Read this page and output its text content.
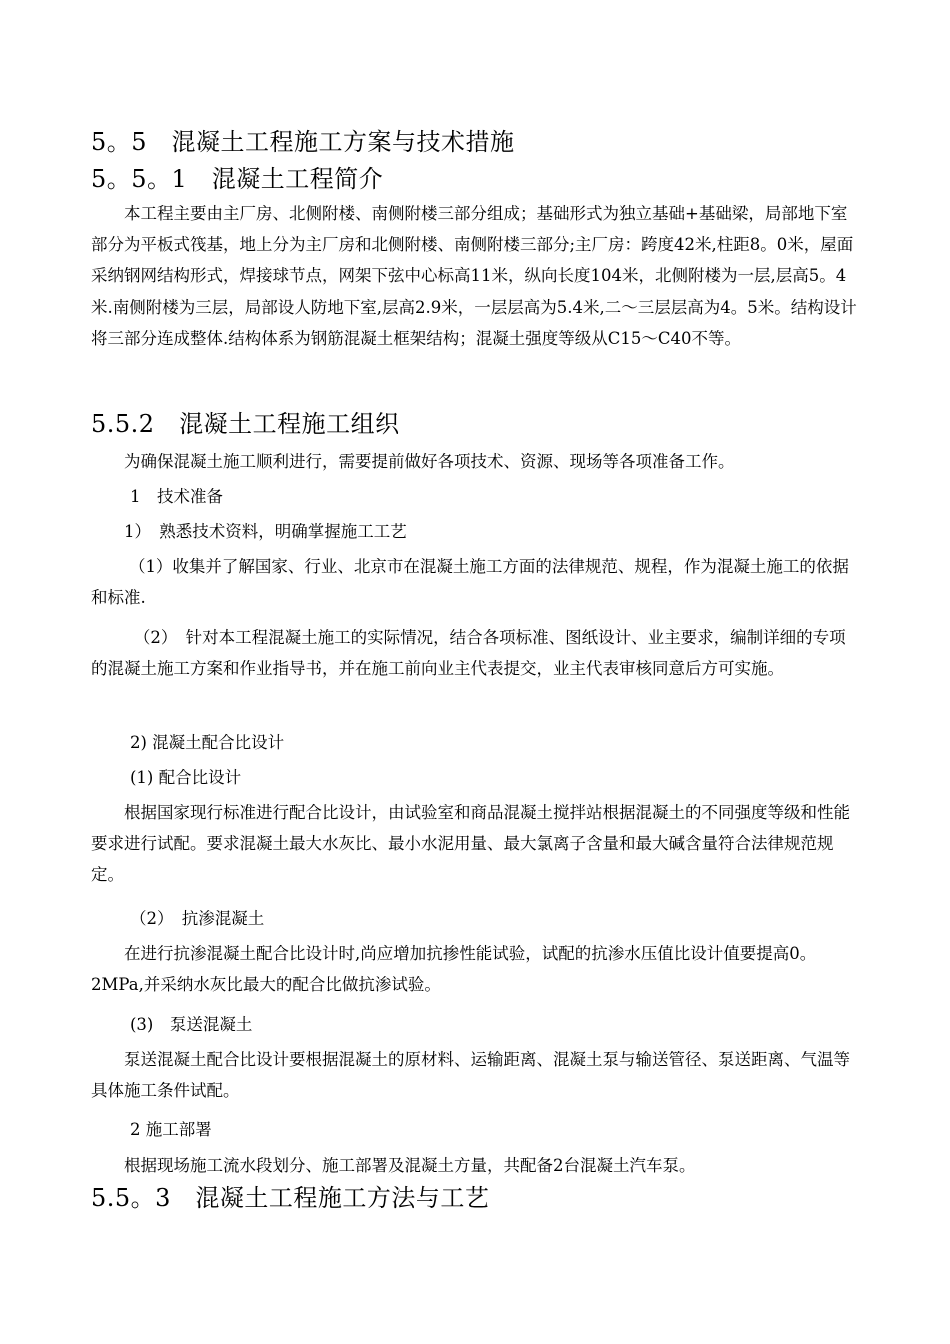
5。5　混凝土工程施工方案与技术措施
5。5。1　混凝土工程简介
本工程主要由主厂房、北侧附楼、南侧附楼三部分组成；基础形式为独立基础+基础梁，局部地下室部分为平板式筏基，地上分为主厂房和北侧附楼、南侧附楼三部分;主厂房：跨度42米,柱距8。0米，屋面采纳钢网结构形式，焊接球节点，网架下弦中心标高11米，纵向长度104米，北侧附楼为一层,层高5。4米.南侧附楼为三层，局部设人防地下室,层高2.9米，一层层高为5.4米,二～三层层高为4。5米。结构设计将三部分连成整体.结构体系为钢筋混凝土框架结构；混凝土强度等级从C15～C40不等。
5.5.2　混凝土工程施工组织
为确保混凝土施工顺利进行，需要提前做好各项技术、资源、现场等各项准备工作。
1　技术准备
1）　熟悉技术资料，明确掌握施工工艺
（1）收集并了解国家、行业、北京市在混凝土施工方面的法律规范、规程，作为混凝土施工的依据和标准.
（2）　针对本工程混凝土施工的实际情况，结合各项标准、图纸设计、业主要求，编制详细的专项的混凝土施工方案和作业指导书，并在施工前向业主代表提交，业主代表审核同意后方可实施。
2) 混凝土配合比设计
(1) 配合比设计
根据国家现行标准进行配合比设计，由试验室和商品混凝土搅拌站根据混凝土的不同强度等级和性能要求进行试配。要求混凝土最大水灰比、最小水泥用量、最大氯离子含量和最大碱含量符合法律规范规定。
（2）　抗渗混凝土
在进行抗渗混凝土配合比设计时,尚应增加抗掺性能试验，试配的抗渗水压值比设计值要提高0。2MPa,并采纳水灰比最大的配合比做抗渗试验。
(3)　泵送混凝土
泵送混凝土配合比设计要根据混凝土的原材料、运输距离、混凝土泵与输送管径、泵送距离、气温等具体施工条件试配。
2 施工部署
根据现场施工流水段划分、施工部署及混凝土方量，共配备2台混凝土汽车泵。
5.5。3　混凝土工程施工方法与工艺
